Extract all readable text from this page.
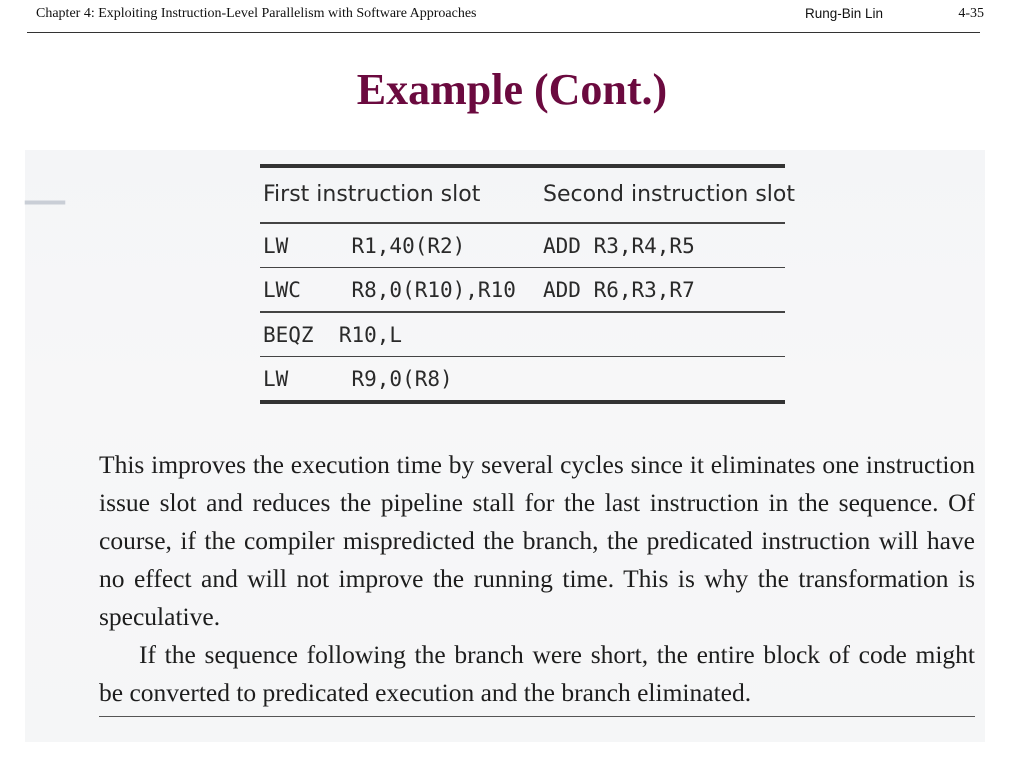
Chapter 4: Exploiting Instruction-Level Parallelism with Software Approaches	Rung-Bin Lin	4-35
Example (Cont.)
▁▁	First instruction slot	Second instruction slot
LW     R1,40(R2)	ADD R3,R4,R5
LWC    R8,0(R10),R10 ADD R6,R3,R7
BEQZ  R10,L
LW     R9,0(R8)

This improves the execution time by several cycles since it eliminates one instruction issue slot and reduces the pipeline stall for the last instruction in the sequence. Of course, if the compiler mispredicted the branch, the predicated instruction will have no effect and will not improve the running time. This is why the transformation is speculative.

If the sequence following the branch were short, the entire block of code might be converted to predicated execution and the branch eliminated.
